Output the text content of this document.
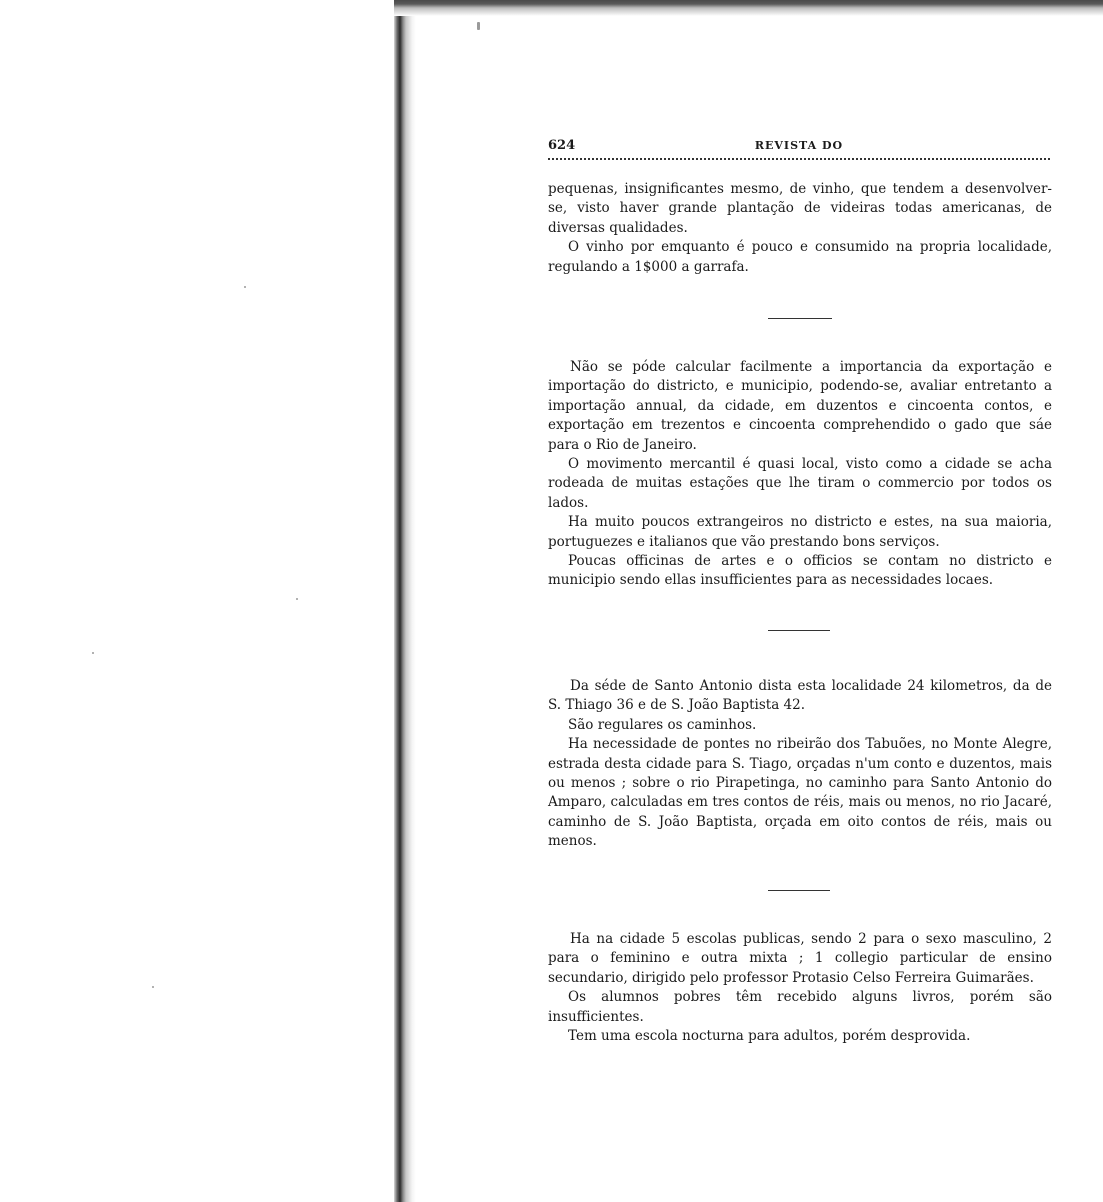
624	REVISTA DO

pequenas, insignificantes mesmo, de vinho, que tendem a desenvolver-se, visto haver grande plantação de videiras todas americanas, de diversas qualidades.

O vinho por emquanto é pouco e consumido na propria localidade, regulando a 1$000 a garrafa.

Não se póde calcular facilmente a importancia da exportação e importação do districto, e municipio, podendo-se, avaliar entretanto a importação annual, da cidade, em duzentos e cincoenta contos, e exportação em trezentos e cincoenta comprehendido o gado que sáe para o Rio de Janeiro.

O movimento mercantil é quasi local, visto como a cidade se acha rodeada de muitas estações que lhe tiram o commercio por todos os lados.

Ha muito poucos extrangeiros no districto e estes, na sua maioria, portuguezes e italianos que vão prestando bons serviços.

Poucas officinas de artes e o officios se contam no districto e municipio sendo ellas insufficientes para as necessidades locaes.

Da séde de Santo Antonio dista esta localidade 24 kilometros, da de S. Thiago 36 e de S. João Baptista 42.

São regulares os caminhos.

Ha necessidade de pontes no ribeirão dos Tabuões, no Monte Alegre, estrada desta cidade para S. Tiago, orçadas n'um conto e duzentos, mais ou menos ; sobre o rio Pirapetinga, no caminho para Santo Antonio do Amparo, calculadas em tres contos de réis, mais ou menos, no rio Jacaré, caminho de S. João Baptista, orçada em oito contos de réis, mais ou menos.

Ha na cidade 5 escolas publicas, sendo 2 para o sexo masculino, 2 para o feminino e outra mixta ; 1 collegio particular de ensino secundario, dirigido pelo professor Protasio Celso Ferreira Guimarães.

Os alumnos pobres têm recebido alguns livros, porém são insufficientes.

Tem uma escola nocturna para adultos, porém desprovida.
